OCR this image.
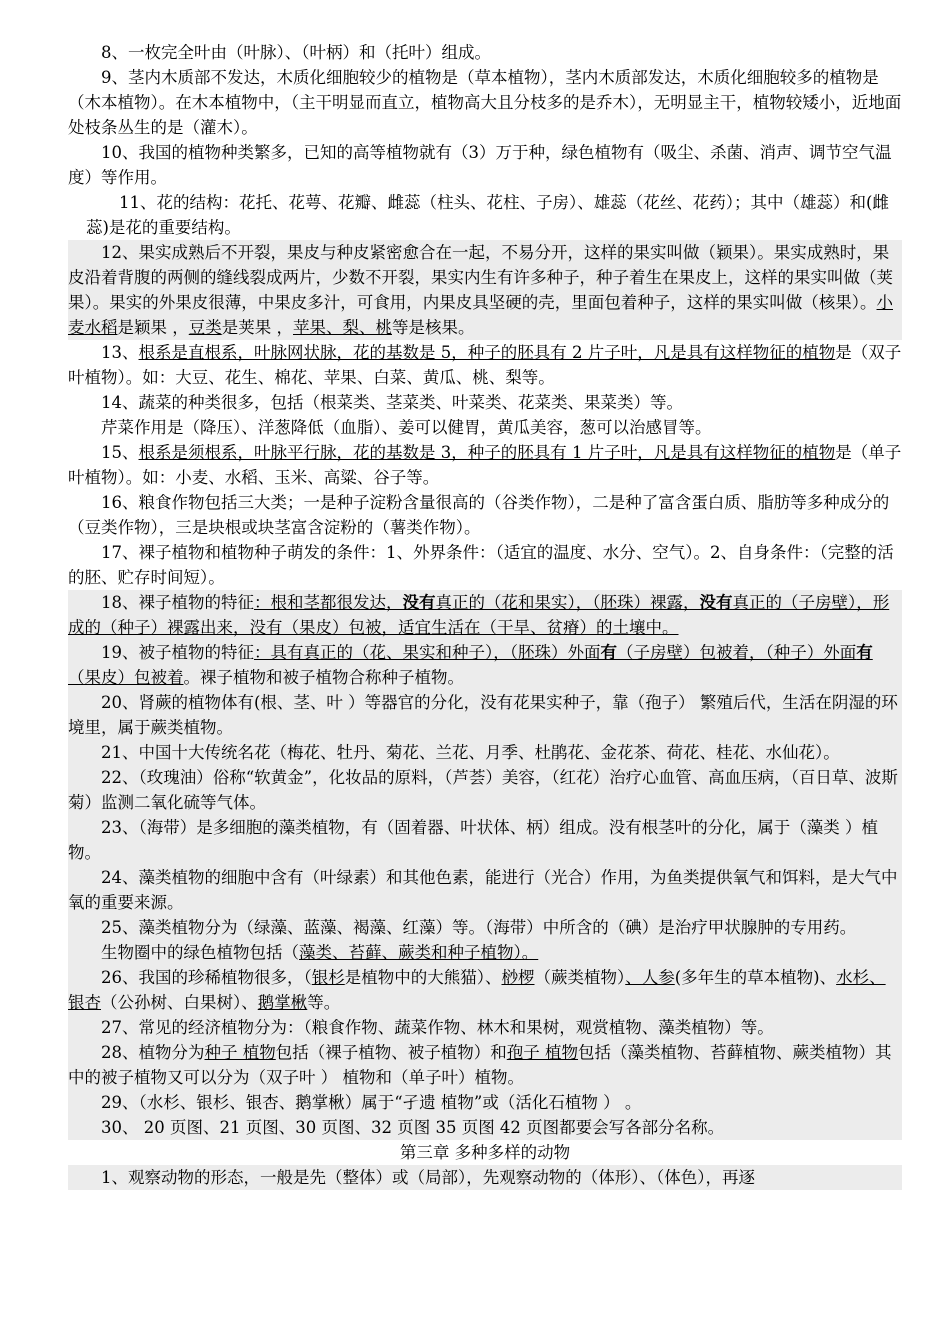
8、一枚完全叶由（叶脉）、（叶柄）和（托叶）组成。

9、茎内木质部不发达，木质化细胞较少的植物是（草本植物），茎内木质部发达，木质化细胞较多的植物是（木本植物）。在木本植物中，（主干明显而直立，植物高大且分枝多的是乔木），无明显主干，植物较矮小，近地面处枝条丛生的是（灌木）。

10、我国的植物种类繁多，已知的高等植物就有（3）万于种，绿色植物有（吸尘、杀菌、消声、调节空气温度）等作用。

11、花的结构：花托、花萼、花瓣、雌蕊（柱头、花柱、子房）、雄蕊（花丝、花药）；其中（雄蕊）和(雌蕊)是花的重要结构。

12、果实成熟后不开裂，果皮与种皮紧密愈合在一起，不易分开，这样的果实叫做（颖果）。果实成熟时，果皮沿着背腹的两侧的缝线裂成两片，少数不开裂，果实内生有许多种子，种子着生在果皮上，这样的果实叫做（荚果）。果实的外果皮很薄，中果皮多汁，可食用，内果皮具坚硬的壳，里面包着种子，这样的果实叫做（核果）。小麦水稻是颖果 ，豆类是荚果 ，苹果、梨、桃等是核果。

13、根系是直根系，叶脉网状脉，花的基数是 5，种子的胚具有 2 片子叶，凡是具有这样物征的植物是（双子叶植物）。如：大豆、花生、棉花、苹果、白菜、黄瓜、桃、梨等。

14、蔬菜的种类很多，包括（根菜类、茎菜类、叶菜类、花菜类、果菜类）等。

芹菜作用是（降压）、洋葱降低（血脂）、姜可以健胃，黄瓜美容，葱可以治感冒等。

15、根系是须根系，叶脉平行脉，花的基数是 3，种子的胚具有 1 片子叶，凡是具有这样物征的植物是（单子叶植物）。如：小麦、水稻、玉米、高粱、谷子等。

16、粮食作物包括三大类；一是种子淀粉含量很高的（谷类作物），二是种了富含蛋白质、脂肪等多种成分的（豆类作物），三是块根或块茎富含淀粉的（薯类作物）。

17、裸子植物和植物种子萌发的条件：1、外界条件：（适宜的温度、水分、空气）。2、自身条件：（完整的活的胚、贮存时间短）。

18、裸子植物的特征：根和茎都很发达，没有真正的（花和果实），（胚珠）裸露，没有真正的（子房壁），形成的（种子）裸露出来，没有（果皮）包被，适宜生活在（干旱、贫瘠）的土壤中。

19、被子植物的特征：具有真正的（花、果实和种子），（胚珠）外面有（子房壁）包被着，（种子）外面有（果皮）包被着。裸子植物和被子植物合称种子植物。

20、肾蕨的植物体有(根、茎、叶 ）等器官的分化，没有花果实种子，靠（孢子） 繁殖后代，生活在阴湿的环境里，属于蕨类植物。

21、中国十大传统名花（梅花、牡丹、菊花、兰花、月季、杜鹃花、金花茶、荷花、桂花、水仙花）。

22、（玫瑰油）俗称“软黄金”，化妆品的原料，（芦荟）美容，（红花）治疗心血管、高血压病，（百日草、波斯菊）监测二氧化硫等气体。

23、（海带）是多细胞的藻类植物，有（固着器、叶状体、柄）组成。没有根茎叶的分化，属于（藻类 ）植物。

24、藻类植物的细胞中含有（叶绿素）和其他色素，能进行（光合）作用，为鱼类提供氧气和饵料，是大气中氧的重要来源。

25、藻类植物分为（绿藻、蓝藻、褐藻、红藻）等。（海带）中所含的（碘）是治疗甲状腺肿的专用药。

生物圈中的绿色植物包括（藻类、苔藓、蕨类和种子植物）。

26、我国的珍稀植物很多，（银杉是植物中的大熊猫）、桫椤（蕨类植物）、人参(多年生的草本植物)、水杉、银杏（公孙树、白果树）、鹅掌楸等。

27、常见的经济植物分为：（粮食作物、蔬菜作物、林木和果树，观赏植物、藻类植物）等。

28、植物分为种子 植物包括（裸子植物、被子植物）和孢子 植物包括（藻类植物、苔藓植物、蕨类植物）其中的被子植物又可以分为（双子叶 ） 植物和（单子叶）植物。

29、（水杉、银杉、银杏、鹅掌楸）属于“孑遗 植物”或（活化石植物 ） 。

30、 20 页图、21 页图、30 页图、32 页图 35 页图 42 页图都要会写各部分名称。

第三章 多种多样的动物

1、观察动物的形态，一般是先（整体）或（局部），先观察动物的（体形）、（体色），再逐
